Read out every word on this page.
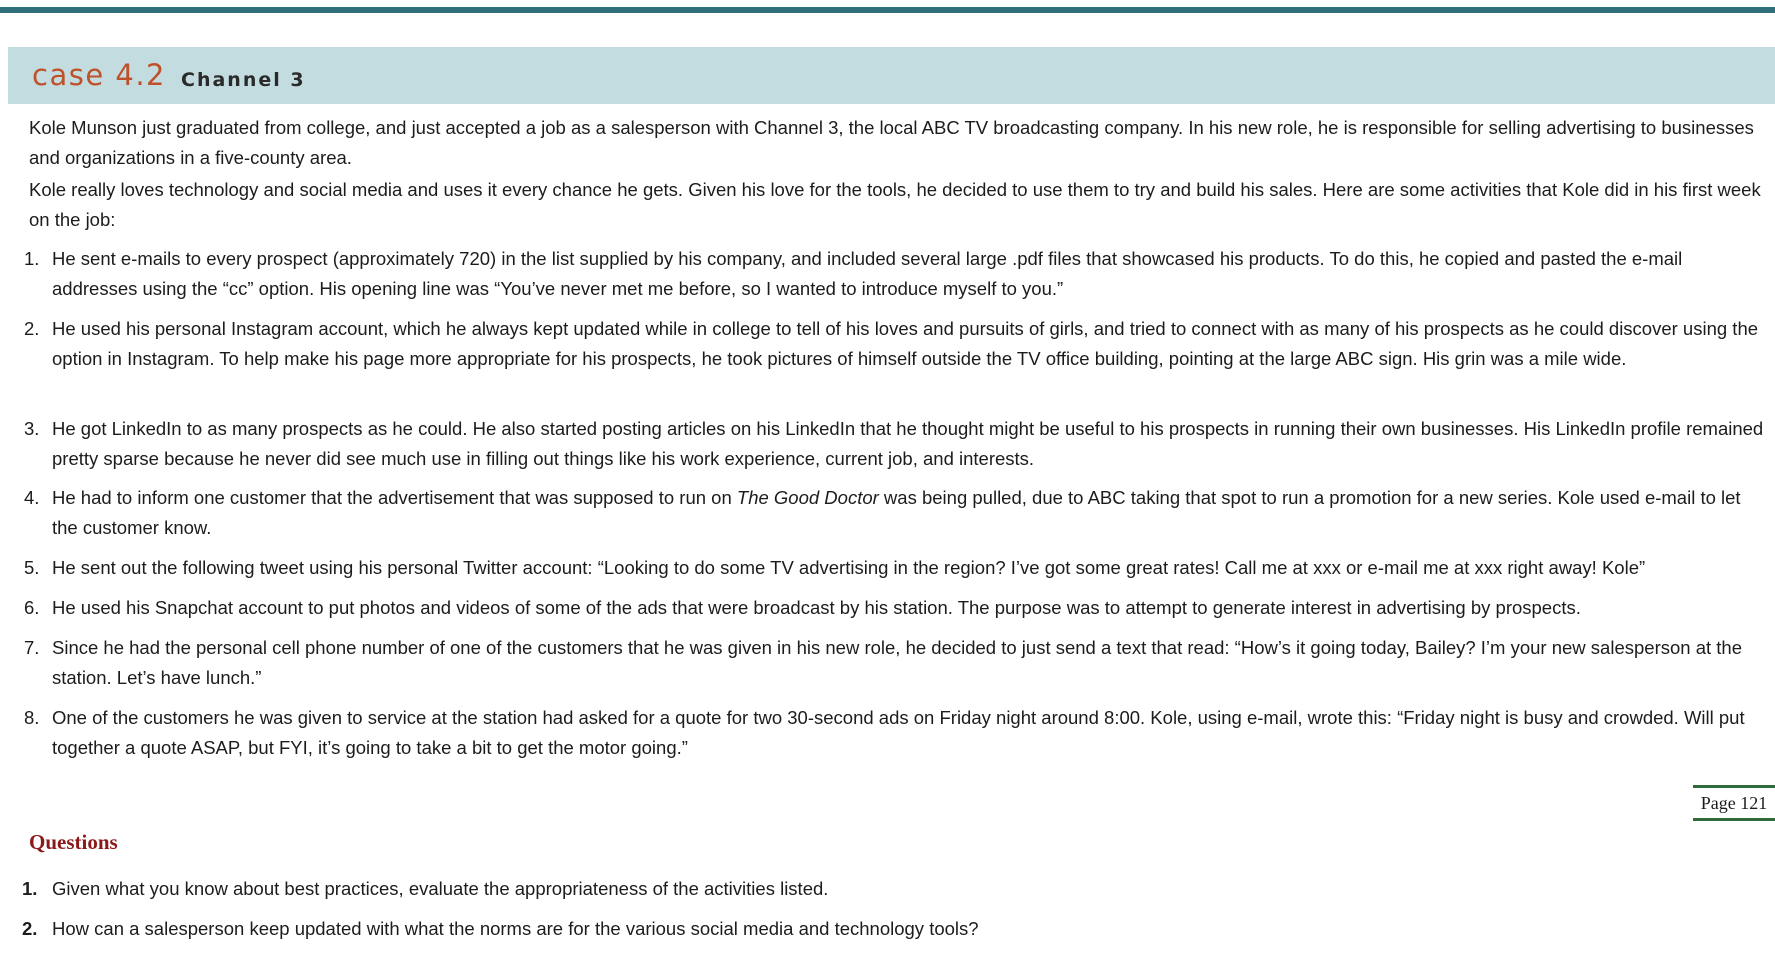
case 4.2 Channel 3

Kole Munson just graduated from college, and just accepted a job as a salesperson with Channel 3, the local ABC TV broadcasting company. In his new role, he is responsible for selling advertising to businesses and organizations in a five-county area.

Kole really loves technology and social media and uses it every chance he gets. Given his love for the tools, he decided to use them to try and build his sales. Here are some activities that Kole did in his first week on the job:

1. He sent e-mails to every prospect (approximately 720) in the list supplied by his company, and included several large .pdf files that showcased his products. To do this, he copied and pasted the e-mail addresses using the “cc” option. His opening line was “You’ve never met me before, so I wanted to introduce myself to you.”
2. He used his personal Instagram account, which he always kept updated while in college to tell of his loves and pursuits of girls, and tried to connect with as many of his prospects as he could discover using the option in Instagram. To help make his page more appropriate for his prospects, he took pictures of himself outside the TV office building, pointing at the large ABC sign. His grin was a mile wide.
3. He got LinkedIn to as many prospects as he could. He also started posting articles on his LinkedIn that he thought might be useful to his prospects in running their own businesses. His LinkedIn profile remained pretty sparse because he never did see much use in filling out things like his work experience, current job, and interests.
4. He had to inform one customer that the advertisement that was supposed to run on The Good Doctor was being pulled, due to ABC taking that spot to run a promotion for a new series. Kole used e-mail to let the customer know.
5. He sent out the following tweet using his personal Twitter account: “Looking to do some TV advertising in the region? I’ve got some great rates! Call me at xxx or e-mail me at xxx right away! Kole”
6. He used his Snapchat account to put photos and videos of some of the ads that were broadcast by his station. The purpose was to attempt to generate interest in advertising by prospects.
7. Since he had the personal cell phone number of one of the customers that he was given in his new role, he decided to just send a text that read: “How’s it going today, Bailey? I’m your new salesperson at the station. Let’s have lunch.”
8. One of the customers he was given to service at the station had asked for a quote for two 30-second ads on Friday night around 8:00. Kole, using e-mail, wrote this: “Friday night is busy and crowded. Will put together a quote ASAP, but FYI, it’s going to take a bit to get the motor going.”
Page 121
Questions
1. Given what you know about best practices, evaluate the appropriateness of the activities listed.
2. How can a salesperson keep updated with what the norms are for the various social media and technology tools?
